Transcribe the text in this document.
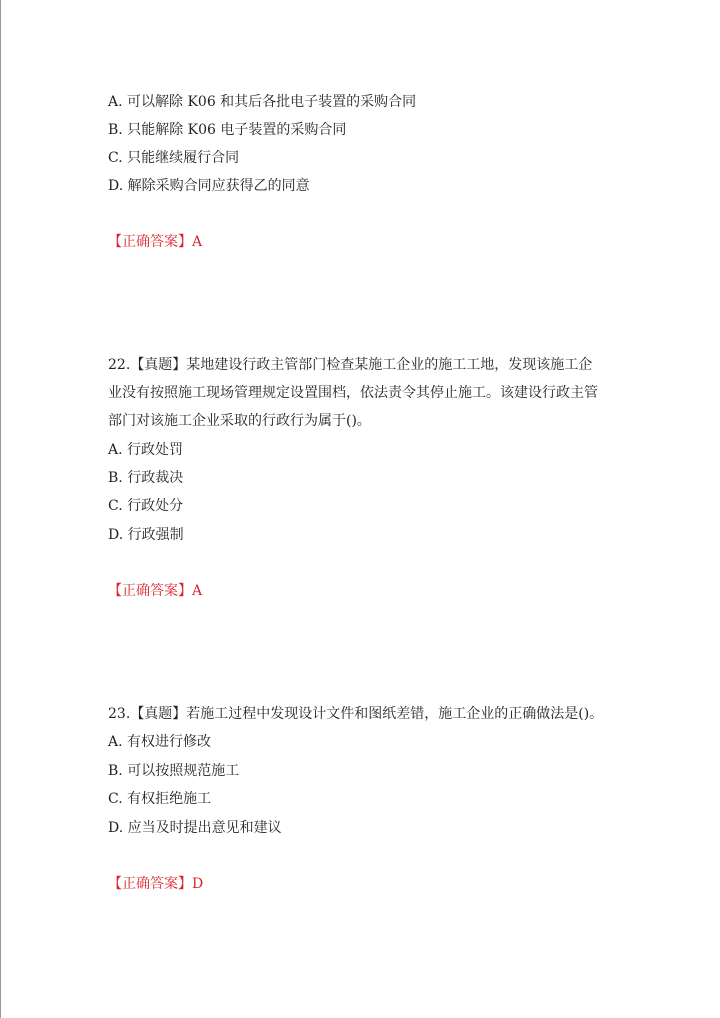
A. 可以解除 K06 和其后各批电子装置的采购合同
B. 只能解除 K06 电子装置的采购合同
C. 只能继续履行合同
D. 解除采购合同应获得乙的同意
【正确答案】A
22.【真题】某地建设行政主管部门检查某施工企业的施工工地，发现该施工企
业没有按照施工现场管理规定设置围档，依法责令其停止施工。该建设行政主管
部门对该施工企业采取的行政行为属于()。
A. 行政处罚
B. 行政裁决
C. 行政处分
D. 行政强制
【正确答案】A
23.【真题】若施工过程中发现设计文件和图纸差错，施工企业的正确做法是()。
A. 有权进行修改
B. 可以按照规范施工
C. 有权拒绝施工
D. 应当及时提出意见和建议
【正确答案】D
